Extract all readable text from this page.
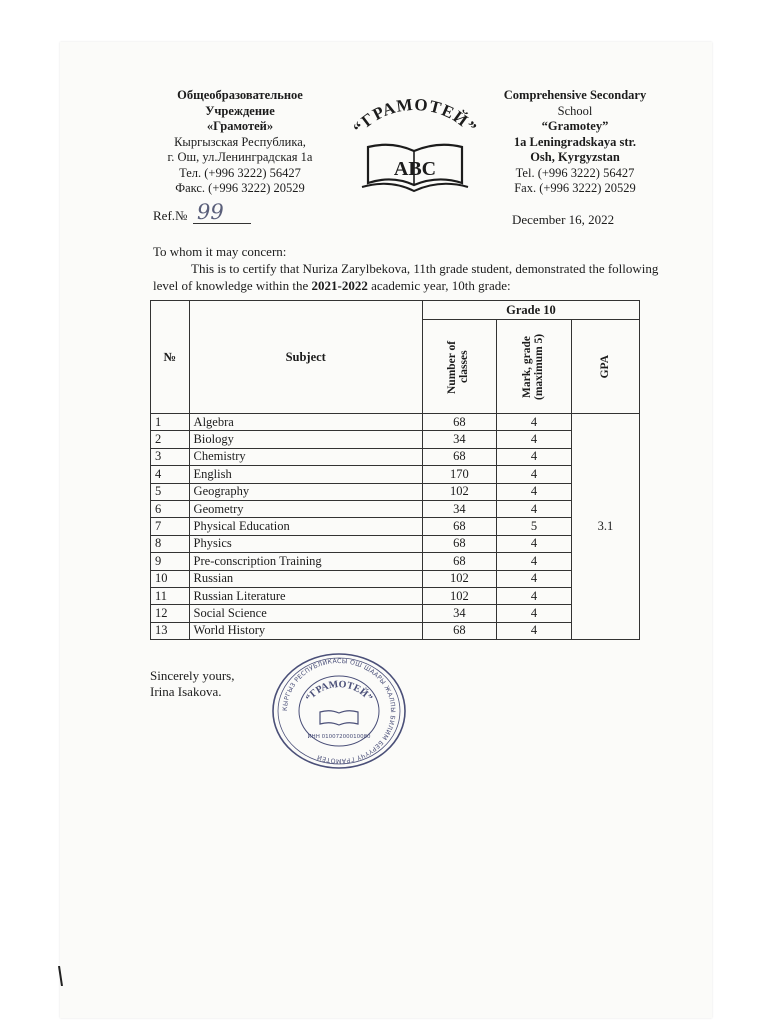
Общеобразовательное
Учреждение
«Грамотей»
Кыргызская Республика,
г. Ош, ул.Ленинградская 1а
Тел. (+996 3222) 56427
Факс. (+996 3222) 20529
“ГРАМОТЕЙ”
ABC
Comprehensive Secondary
School
“Gramotey”
1a Leningradskaya str.
Osh, Kyrgyzstan
Tel. (+996 3222) 56427
Fax. (+996 3222) 20529
Ref.№ 99	December 16, 2022
To whom it may concern:
This is to certify that Nuriza Zarylbekova, 11th grade student, demonstrated the following
level of knowledge within the 2021-2022 academic year, 10th grade:
№	Subject	Grade 10		

		Number of classes	Mark, grade (maximum 5)	GPA

1	Algebra	68	4	3.1
2	Biology	34	4	
3	Chemistry	68	4	
4	English	170	4	
5	Geography	102	4	
6	Geometry	34	4	
7	Physical Education	68	5	
8	Physics	68	4	
9	Pre-conscription Training	68	4	
10	Russian	102	4	
11	Russian Literature	102	4	
12	Social Science	34	4	
13	World History	68	4	
Sincerely yours,
Irina Isakova.
КЫРГЫЗ РЕСПУБЛИКАСЫ ОШ ШААРЫ ЖАЛПЫ БИЛИМ БЕРҮҮЧҮ ГРАМОТЕЙ
“ГРАМОТЕЙ”
ИНН 01007200010080
